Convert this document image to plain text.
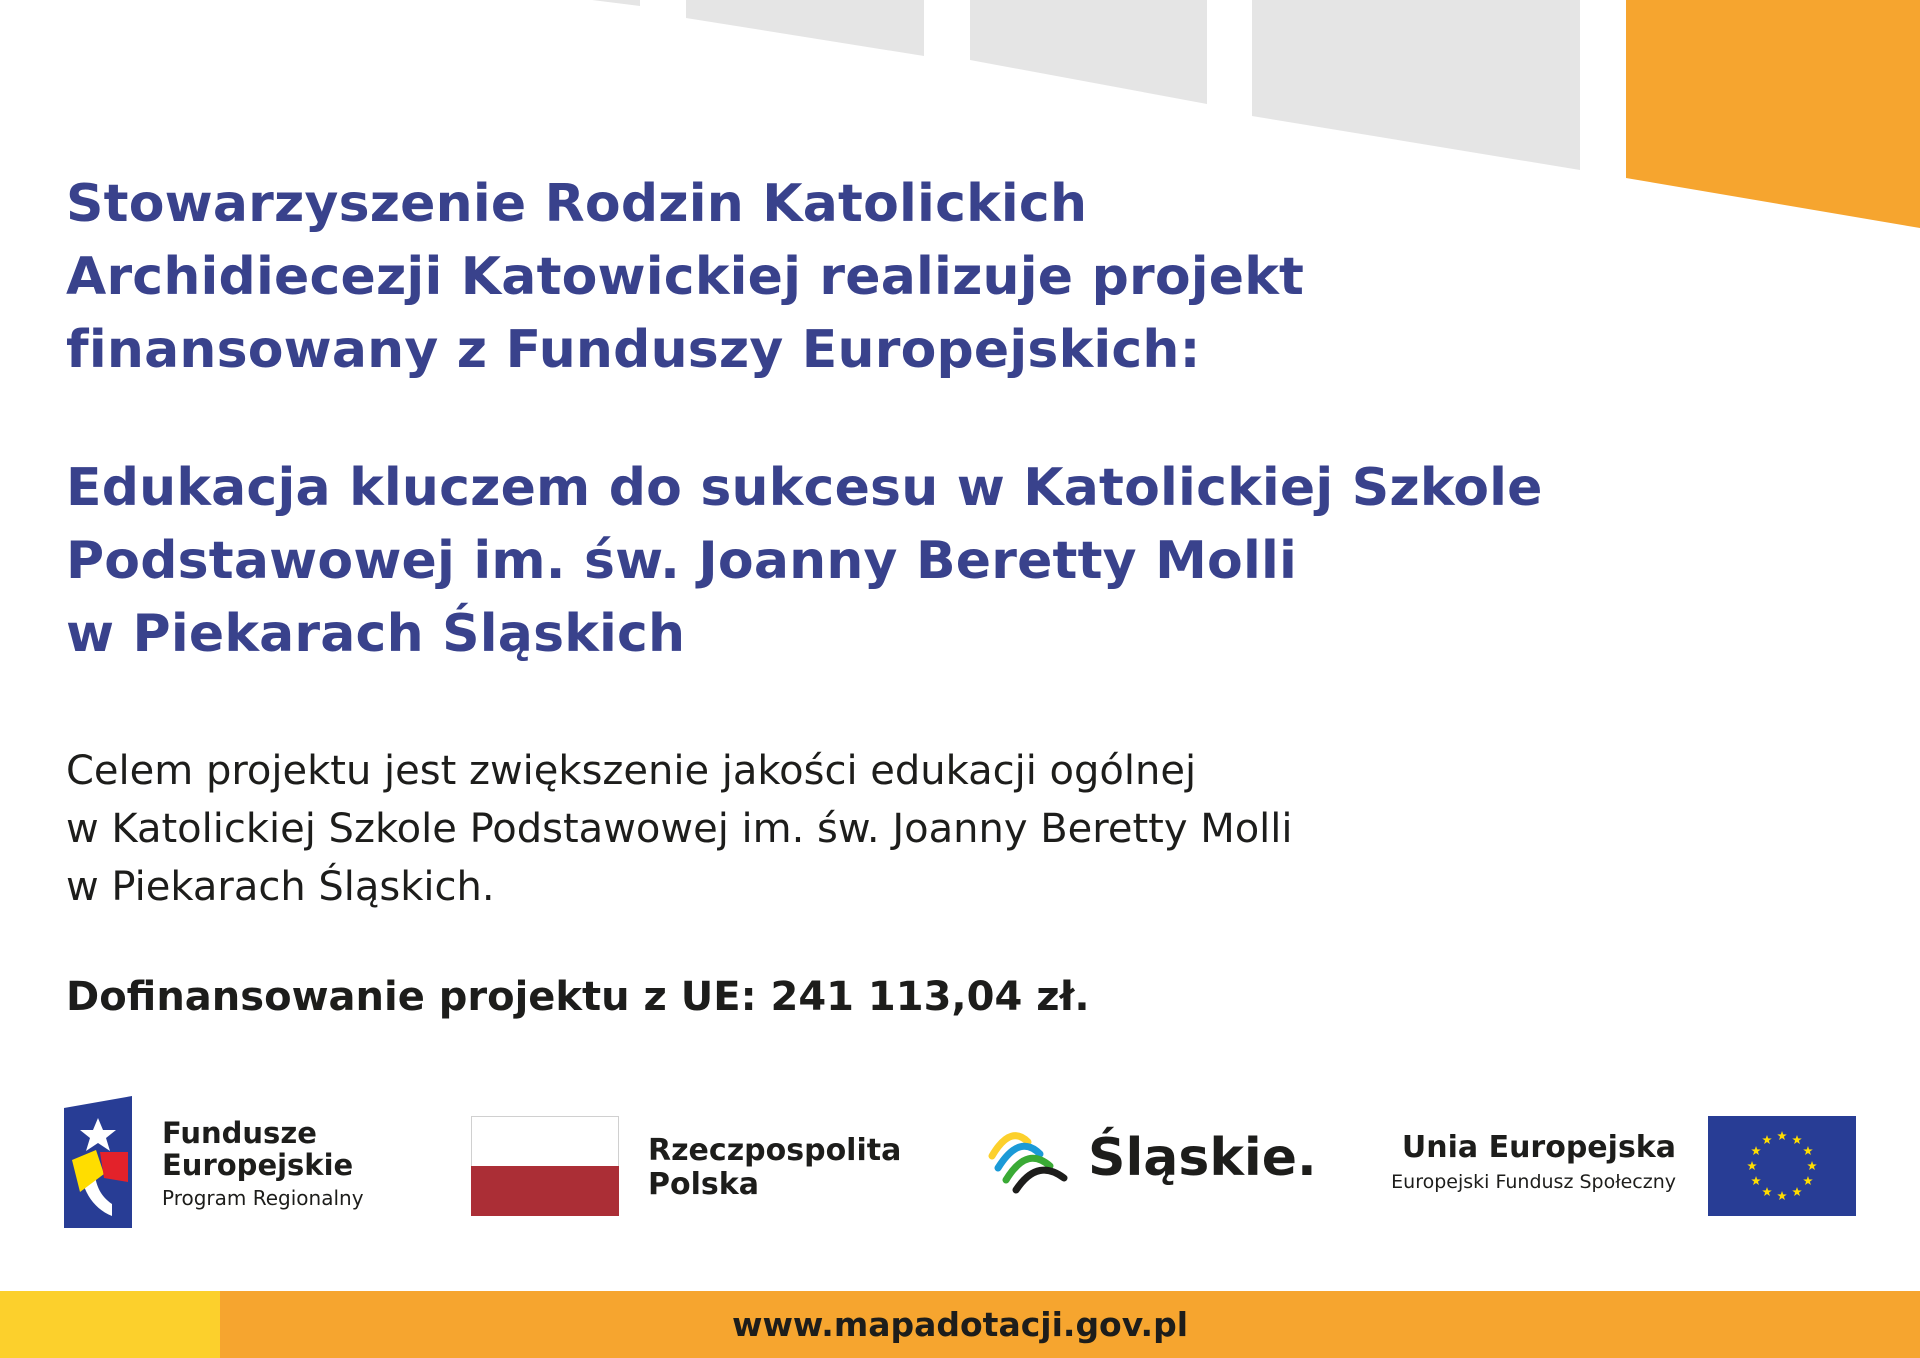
Stowarzyszenie Rodzin Katolickich
Archidiecezji Katowickiej realizuje projekt
finansowany z Funduszy Europejskich:
Edukacja kluczem do sukcesu w Katolickiej Szkole
Podstawowej im. św. Joanny Beretty Molli
w Piekarach Śląskich

Celem projektu jest zwiększenie jakości edukacji ogólnej
w Katolickiej Szkole Podstawowej im. św. Joanny Beretty Molli
w Piekarach Śląskich.

Dofinansowanie projektu z UE: 241 113,04 zł.

Fundusze
Europejskie
Program Regionalny
Rzeczpospolita
Polska	Śląskie.	Unia Europejska
Europejski Fundusz Społeczny
www.mapadotacji.gov.pl
